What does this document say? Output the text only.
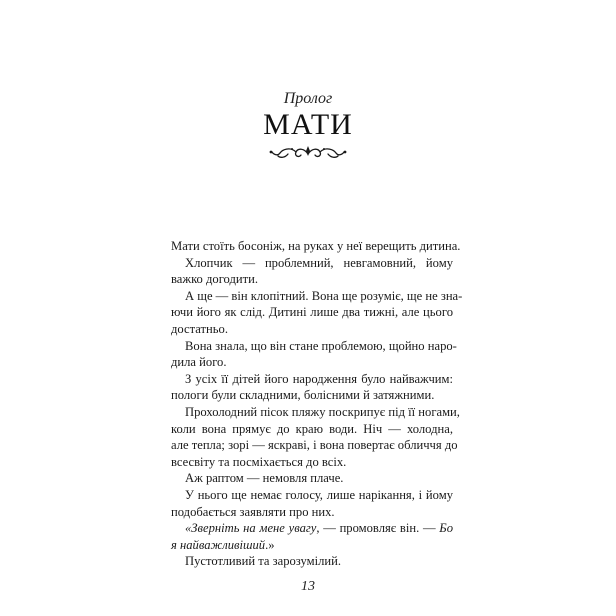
Пролог
МАТИ
Мати стоїть босоніж, на руках у неї верещить дитина.
Хлопчик — проблемний, невгамовний, йому
важко догодити.
А ще — він клопітний. Вона ще розуміє, ще не зна-
ючи його як слід. Дитині лише два тижні, але цього
достатньо.
Вона знала, що він стане проблемою, щойно наро-
дила його.
З усіх її дітей його народження було найважчим:
пологи були складними, болісними й затяжними.
Прохолодний пісок пляжу поскрипує під її ногами,
коли вона прямує до краю води. Ніч — холодна,
але тепла; зорі — яскраві, і вона повертає обличчя до
всесвіту та посміхається до всіх.
Аж раптом — немовля плаче.
У нього ще немає голосу, лише нарікання, і йому
подобається заявляти про них.
«Зверніть на мене увагу, — промовляє він. — Бо
я найважливіший.»
Пустотливий та зарозумілий.
13
